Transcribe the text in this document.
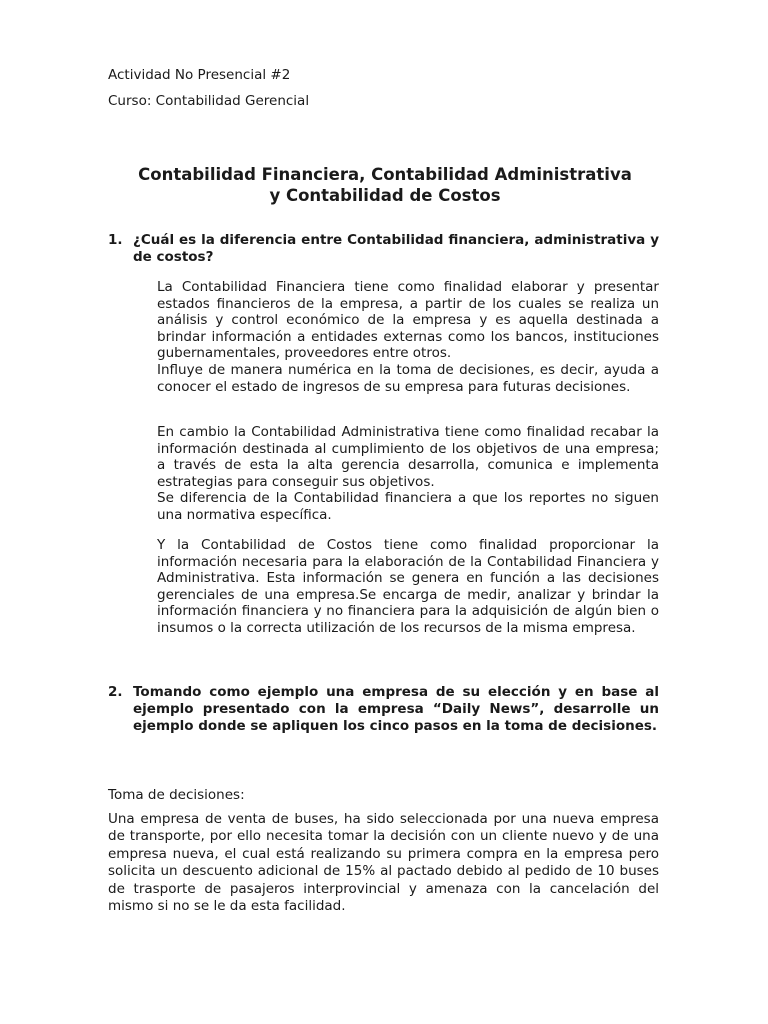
Actividad No Presencial #2
Curso: Contabilidad Gerencial
Contabilidad Financiera, Contabilidad Administrativa
y Contabilidad de Costos
1. ¿Cuál es la diferencia entre Contabilidad financiera, administrativa y de costos?

La Contabilidad Financiera tiene como finalidad elaborar y presentar estados financieros de la empresa, a partir de los cuales se realiza un análisis y control económico de la empresa y es aquella destinada a brindar información a entidades externas como los bancos, instituciones gubernamentales, proveedores entre otros.

Influye de manera numérica en la toma de decisiones, es decir, ayuda a conocer el estado de ingresos de su empresa para futuras decisiones.

En cambio la Contabilidad Administrativa tiene como finalidad recabar la información destinada al cumplimiento de los objetivos de una empresa; a través de esta la alta gerencia desarrolla, comunica e implementa estrategias para conseguir sus objetivos.

Se diferencia de la Contabilidad financiera a que los reportes no siguen una normativa específica.

Y la Contabilidad de Costos tiene como finalidad proporcionar la información necesaria para la elaboración de la Contabilidad Financiera y Administrativa. Esta información se genera en función a las decisiones gerenciales de una empresa.Se encarga de medir, analizar y brindar la información financiera y no financiera para la adquisición de algún bien o insumos o la correcta utilización de los recursos de la misma empresa.

2. Tomando como ejemplo una empresa de su elección y en base al ejemplo presentado con la empresa “Daily News”, desarrolle un ejemplo donde se apliquen los cinco pasos en la toma de decisiones.
Toma de decisiones:
Una empresa de venta de buses, ha sido seleccionada por una nueva empresa de transporte, por ello necesita tomar la decisión con un cliente nuevo y de una empresa nueva, el cual está realizando su primera compra en la empresa pero solicita un descuento adicional de 15% al pactado debido al pedido de 10 buses de trasporte de pasajeros interprovincial y amenaza con la cancelación del mismo si no se le da esta facilidad.
